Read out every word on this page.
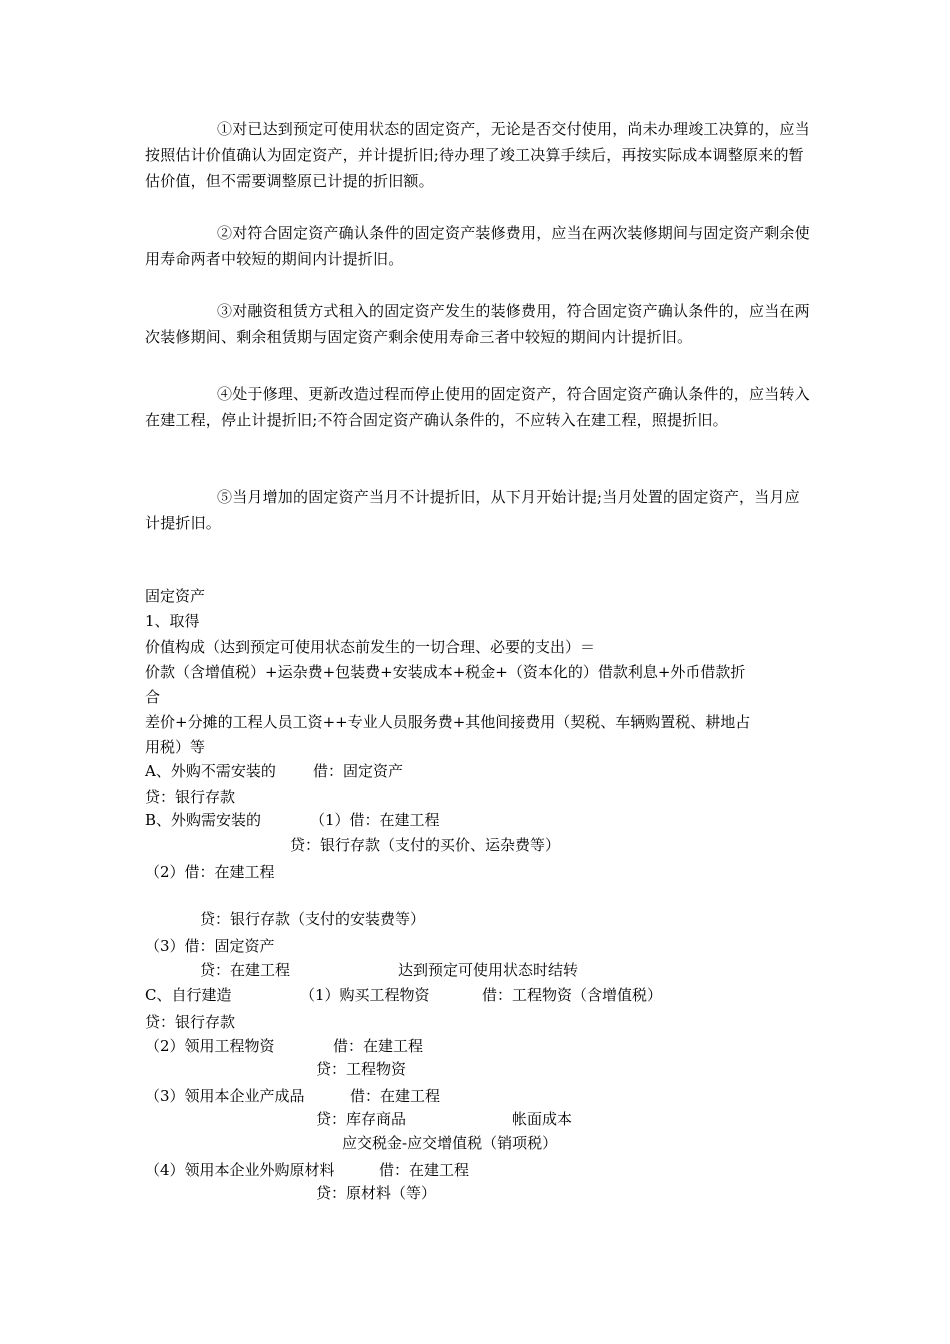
①对已达到预定可使用状态的固定资产，无论是否交付使用，尚未办理竣工决算的，应当按照估计价值确认为固定资产，并计提折旧;待办理了竣工决算手续后，再按实际成本调整原来的暂估价值，但不需要调整原已计提的折旧额。
②对符合固定资产确认条件的固定资产装修费用，应当在两次装修期间与固定资产剩余使用寿命两者中较短的期间内计提折旧。
③对融资租赁方式租入的固定资产发生的装修费用，符合固定资产确认条件的，应当在两次装修期间、剩余租赁期与固定资产剩余使用寿命三者中较短的期间内计提折旧。
④处于修理、更新改造过程而停止使用的固定资产，符合固定资产确认条件的，应当转入在建工程，停止计提折旧;不符合固定资产确认条件的，不应转入在建工程，照提折旧。
⑤当月增加的固定资产当月不计提折旧，从下月开始计提;当月处置的固定资产，当月应计提折旧。
固定资产
1、取得
价值构成（达到预定可使用状态前发生的一切合理、必要的支出）＝
价款（含增值税）+运杂费+包装费+安装成本+税金+（资本化的）借款利息+外币借款折
合
差价+分摊的工程人员工资++专业人员服务费+其他间接费用（契税、车辆购置税、耕地占
用税）等
A、外购不需安装的 借：固定资产
贷：银行存款
B、外购需安装的	（1）借：在建工程
贷：银行存款（支付的买价、运杂费等）
（2）借：在建工程
贷：银行存款（支付的安装费等）
（3）借：固定资产
贷：在建工程	达到预定可使用状态时结转
C、自行建造	（1）购买工程物资	借：工程物资（含增值税）
贷：银行存款
（2）领用工程物资	借：在建工程
贷：工程物资
（3）领用本企业产成品	借：在建工程
贷：库存商品	帐面成本
应交税金-应交增值税（销项税）
（4）领用本企业外购原材料	借：在建工程
贷：原材料（等）
